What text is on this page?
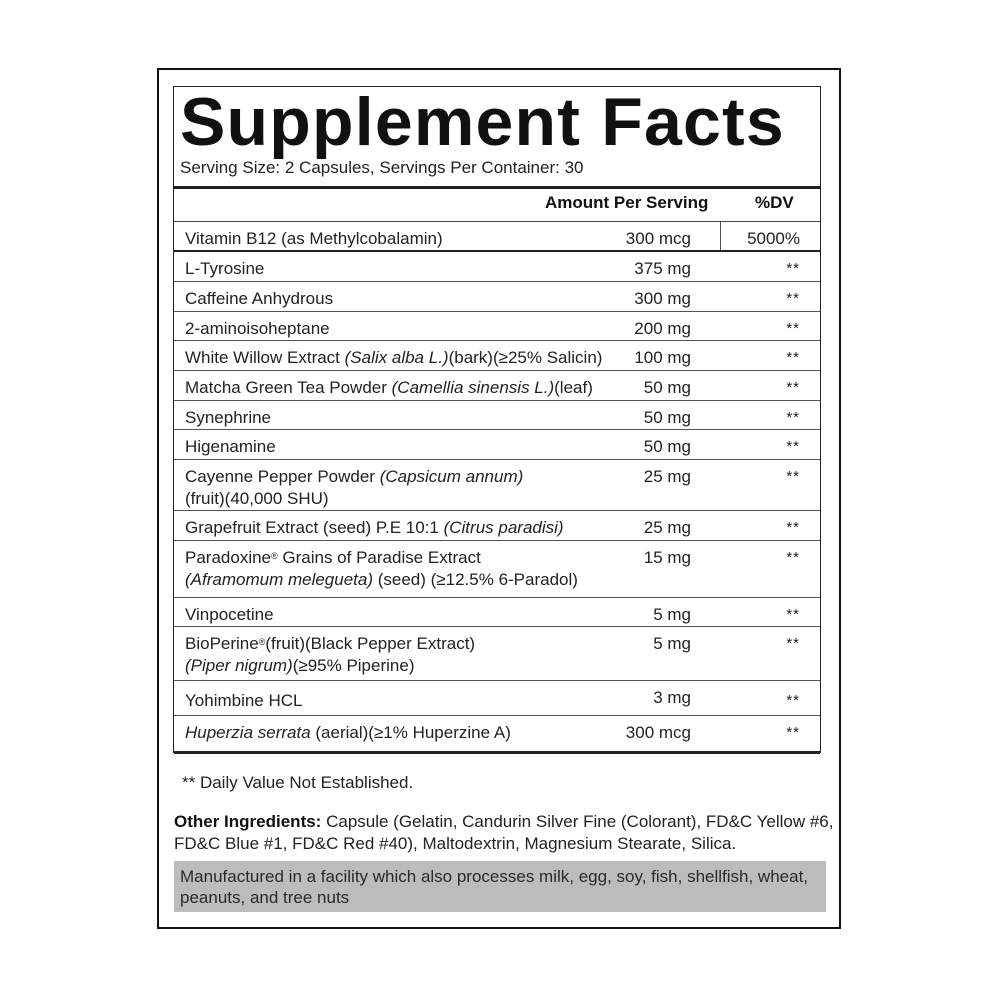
Supplement Facts
Serving Size: 2 Capsules, Servings Per Container: 30
Amount Per Serving	%DV
Vitamin B12 (as Methylcobalamin)	300 mcg	5000%
L-Tyrosine	375 mg	**
Caffeine Anhydrous	300 mg	**
2-aminoisoheptane	200 mg	**
White Willow Extract (Salix alba L.)(bark)(≥25% Salicin) 100 mg	**
Matcha Green Tea Powder (Camellia sinensis L.)(leaf)	50 mg	**
Synephrine	50 mg	**
Higenamine	50 mg	**
Cayenne Pepper Powder (Capsicum annum)
(fruit)(40,000 SHU)
25 mg	**
Grapefruit Extract (seed) P.E 10:1 (Citrus paradisi)	25 mg	**
Paradoxine® Grains of Paradise Extract
(Aframomum melegueta) (seed) (≥12.5% 6-Paradol)
15 mg	**
Vinpocetine	5 mg	**
BioPerine®(fruit)(Black Pepper Extract)
(Piper nigrum)(≥95% Piperine)
5 mg	**
Yohimbine HCL	3 mg	**
Huperzia serrata (aerial)(≥1% Huperzine A)	300 mcg	**
** Daily Value Not Established.
Other Ingredients: Capsule (Gelatin, Candurin Silver Fine (Colorant), FD&C Yellow #6, FD&C Blue #1, FD&C Red #40), Maltodextrin, Magnesium Stearate, Silica.
Manufactured in a facility which also processes milk, egg, soy, fish, shellfish, wheat, peanuts, and tree nuts
